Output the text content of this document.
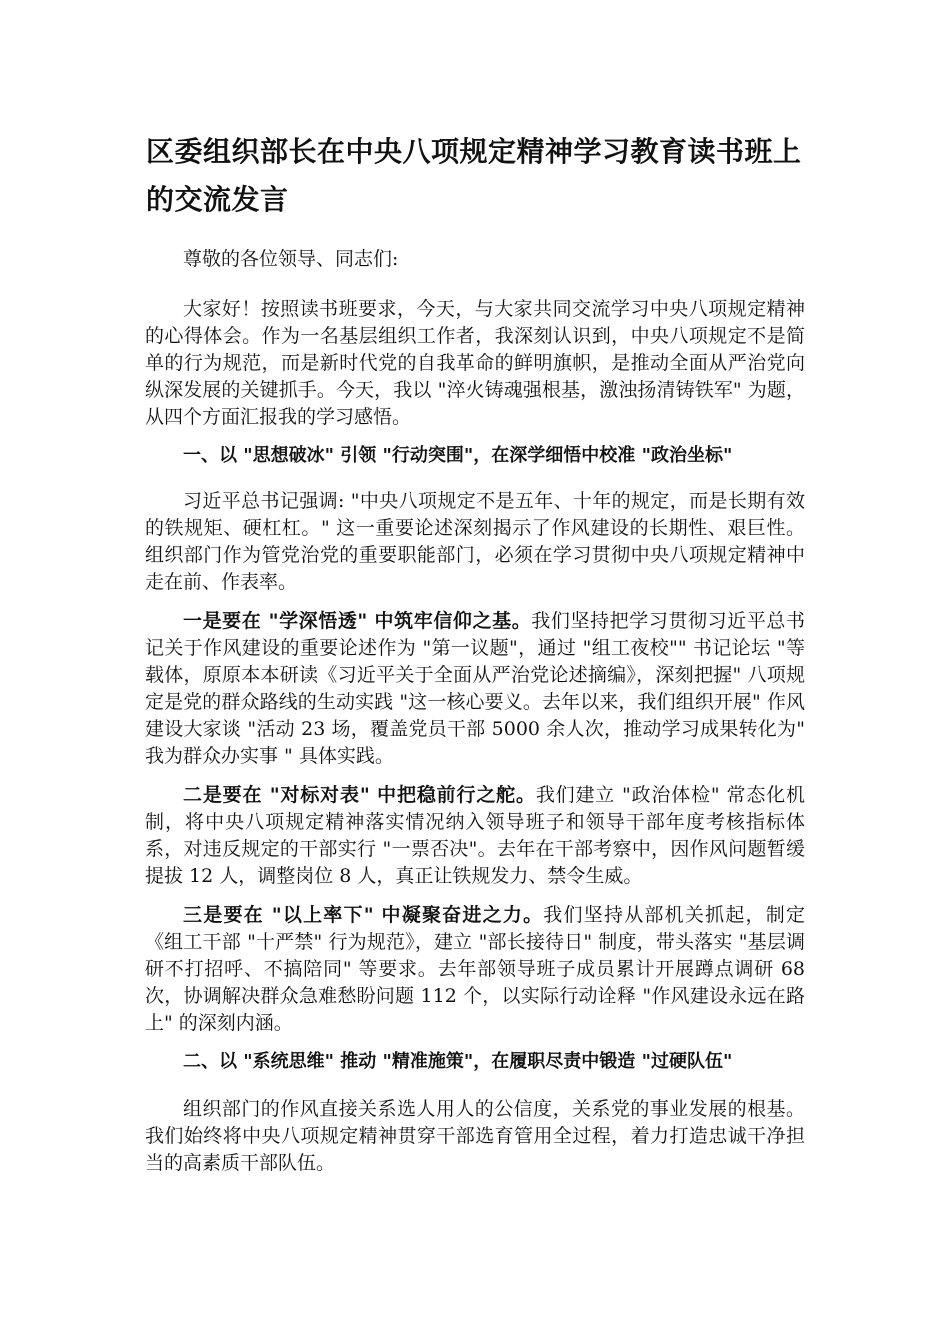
区委组织部长在中央八项规定精神学习教育读书班上的交流发言
尊敬的各位领导、同志们:
大家好！按照读书班要求，今天，与大家共同交流学习中央八项规定精神的心得体会。作为一名基层组织工作者，我深刻认识到，中央八项规定不是简单的行为规范，而是新时代党的自我革命的鲜明旗帜，是推动全面从严治党向纵深发展的关键抓手。今天，我以 "淬火铸魂强根基，激浊扬清铸铁军" 为题，从四个方面汇报我的学习感悟。
一、以 "思想破冰" 引领 "行动突围"，在深学细悟中校准 "政治坐标"
习近平总书记强调: "中央八项规定不是五年、十年的规定，而是长期有效的铁规矩、硬杠杠。" 这一重要论述深刻揭示了作风建设的长期性、艰巨性。组织部门作为管党治党的重要职能部门，必须在学习贯彻中央八项规定精神中走在前、作表率。
一是要在 "学深悟透" 中筑牢信仰之基。我们坚持把学习贯彻习近平总书记关于作风建设的重要论述作为 "第一议题"，通过 "组工夜校"" 书记论坛 "等载体，原原本本研读《习近平关于全面从严治党论述摘编》，深刻把握" 八项规定是党的群众路线的生动实践 "这一核心要义。去年以来，我们组织开展" 作风建设大家谈 "活动 23 场，覆盖党员干部 5000 余人次，推动学习成果转化为" 我为群众办实事 " 具体实践。
二是要在 "对标对表" 中把稳前行之舵。我们建立 "政治体检" 常态化机制，将中央八项规定精神落实情况纳入领导班子和领导干部年度考核指标体系，对违反规定的干部实行 "一票否决"。去年在干部考察中，因作风问题暂缓提拔 12 人，调整岗位 8 人，真正让铁规发力、禁令生威。
三是要在 "以上率下" 中凝聚奋进之力。我们坚持从部机关抓起，制定《组工干部 "十严禁" 行为规范》，建立 "部长接待日" 制度，带头落实 "基层调研不打招呼、不搞陪同" 等要求。去年部领导班子成员累计开展蹲点调研 68 次，协调解决群众急难愁盼问题 112 个，以实际行动诠释 "作风建设永远在路上" 的深刻内涵。
二、以 "系统思维" 推动 "精准施策"，在履职尽责中锻造 "过硬队伍"
组织部门的作风直接关系选人用人的公信度，关系党的事业发展的根基。我们始终将中央八项规定精神贯穿干部选育管用全过程，着力打造忠诚干净担当的高素质干部队伍。
